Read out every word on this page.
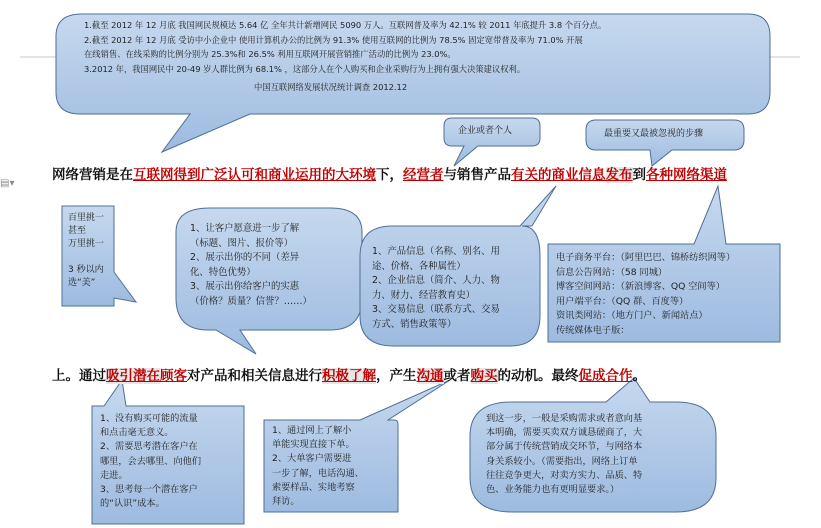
▤▾
1.截至 2012 年 12 月底 我国网民规模达 5.64 亿 全年共计新增网民 5090 万人。互联网普及率为 42.1% 较 2011 年底提升 3.8 个百分点。
2.截至 2012 年 12 月底 受访中小企业中 使用计算机办公的比例为 91.3% 使用互联网的比例为 78.5% 固定宽带普及率为 71.0% 开展
在线销售、在线采购的比例分别为 25.3%和 26.5% 利用互联网开展营销推广活动的比例为 23.0%。
3.2012 年，我国网民中 20-49 岁人群比例为 68.1% ，这部分人在个人购买和企业采购行为上拥有强大决策建议权利。
中国互联网络发展状况统计调查 2012.12
企业或者个人	最重要又最被忽视的步骤
网络营销是在互联网得到广泛认可和商业运用的大环境下，经营者与销售产品有关的商业信息发布到各种网络渠道
百里挑一
甚至
万里挑一
3 秒以内
选“美”
1、让客户愿意进一步了解
（标题、图片、报价等）
2、展示出你的不同（差异
化、特色优势）
3、展示出你给客户的实惠
（价格？质量？信誉？……）
1、产品信息（名称、别名、用
途、价格、各种属性）
2、企业信息（简介、人力、物
力、财力、经营教育史）
3、交易信息（联系方式、交易
方式、销售政策等）
电子商务平台：（阿里巴巴、锦桥纺织网等）
信息公告网站：（58 同城）
博客空间网站：（新浪博客、QQ 空间等）
用户端平台：（QQ 群、百度等）
资讯类网站：（地方门户、新闻站点）
传统媒体电子版：
上。通过吸引潜在顾客对产品和相关信息进行积极了解，产生沟通或者购买的动机。最终促成合作。
1、没有购买可能的流量
和点击毫无意义。
2、需要思考潜在客户在
哪里，会去哪里、向他们
走进。
3、思考每一个潜在客户
的“认识”成本。
1、通过网上了解小
单能实现直接下单。
2、大单客户需要进
一步了解，电话沟通、
索要样品、实地考察
拜访。
到这一步，一般是采购需求或者意向基
本明确，需要买卖双方诚恳磋商了，大
部分属于传统营销成交环节，与网络本
身关系较小。（需要指出，网络上订单
往往竞争更大，对卖方实力、品质、特
色、业务能力也有更明显要求。）
